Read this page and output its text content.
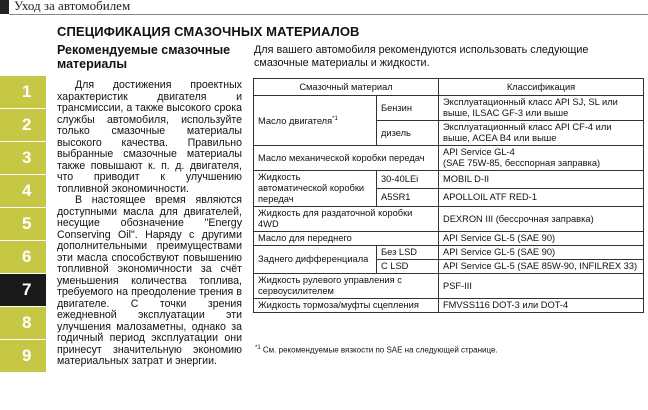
Уход за автомобилем
СПЕЦИФИКАЦИЯ СМАЗОЧНЫХ МАТЕРИАЛОВ
Рекомендуемые смазочные материалы
1
2
3
4
5
6
7
8
9

Для достижения проектных характеристик двигателя и трансмиссии, а также высокого срока службы автомобиля, используйте только смазочные материалы высокого качества. Правильно выбранные смазочные материалы также повышают к. п. д. двигателя, что приводит к улучшению топливной экономичности.

В настоящее время являются доступными масла для двигателей, несущие обозначение "Energy Conserving Oil". Наряду с другими дополнительными преимуществами эти масла способствуют повышению топливной экономичности за счёт уменьшения количества топлива, требуемого на преодоление трения в двигателе. С точки зрения ежедневной эксплуатации эти улучшения малозаметны, однако за годичный период эксплуатации они принесут значительную экономию материальных затрат и энергии.

Для вашего автомобиля рекомендуются использовать следующие смазочные материалы и жидкости.
Смазочный материал		Классификация
Масло двигателя$^{*1}$	Бензин	Эксплуатационный класс API SJ, SL или выше, ILSAC GF-3 или выше
	дизель	Эксплуатационный класс API CF-4 или выше, ACEA B4 или выше
Масло механической коробки передач		API Service GL-4
(SAE 75W-85, бесспорная заправка)
Жидкость автоматической коробки передач	30-40LEi	MOBIL D-II
	A5SR1	APOLLOIL ATF RED-1
Жидкость для раздаточной коробки 4WD		DEXRON III (бессрочная заправка)
Масло для переднего		API Service GL-5 (SAE 90)
Заднего дифференциала	Без LSD	API Service GL-5 (SAE 90)
	С LSD	API Service GL-5 (SAE 85W-90, INFILREX 33)
Жидкость рулевого управления с сервоусилителем		PSF-III
Жидкость тормоза/муфты сцепления		FMVSS116 DOT-3 или DOT-4
$^{*1}$ См. рекомендуемые вязкости по SAE на следующей странице.
